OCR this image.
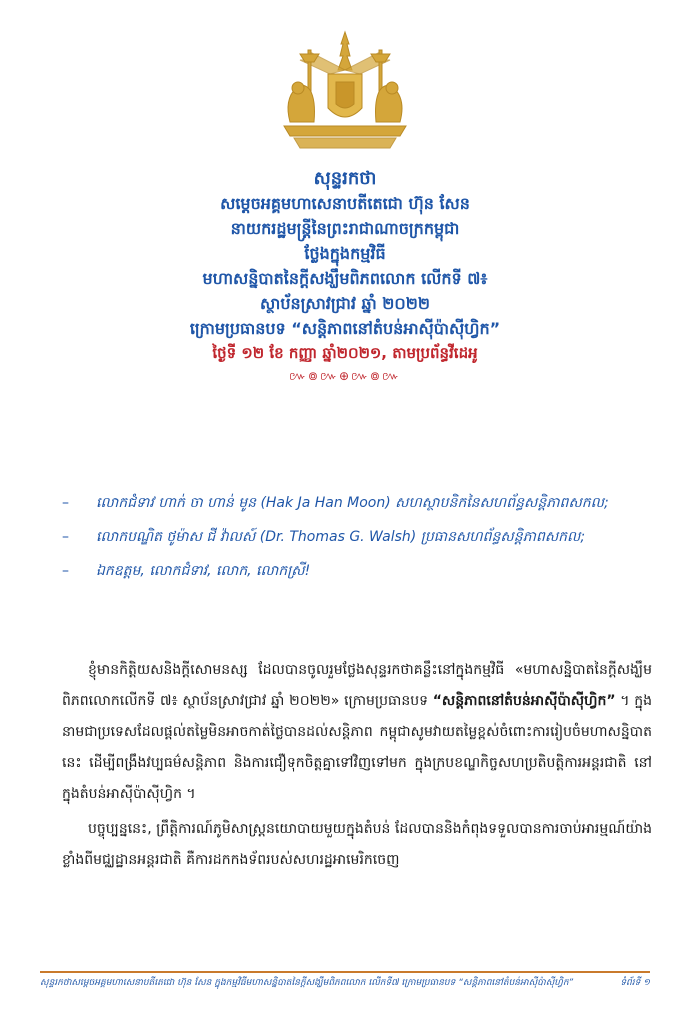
សុន្ទរកថា
សម្តេចអគ្គមហាសេនាបតីតេជោ ហ៊ុន សែន
នាយករដ្ឋមន្ត្រីនៃព្រះរាជាណាចក្រកម្ពុជា
ថ្លែងក្នុងកម្មវិធី
មហាសន្និបាតនៃក្តីសង្ឃឹមពិភពលោក លើកទី ៧៖
ស្ថាប័នស្រាវជ្រាវ ឆ្នាំ ២០២២
ក្រោមប្រធានបទ “សន្តិភាពនៅតំបន់អាស៊ីប៉ាស៊ីហ្វិក”
ថ្ងៃទី ១២ ខែ កញ្ញា ឆ្នាំ២០២១, តាមប្រព័ន្ធវីដេអូ
៚៙៚⊕៚៙៚
– លោកជំទាវ ហាក់ ចា ហាន់ មូន (Hak Ja Han Moon) សហស្ថាបនិកនៃសហព័ន្ធសន្តិភាពសកល;
– លោកបណ្ឌិត ថូម៉ាស ជី វ៉ាលស៍ (Dr. Thomas G. Walsh) ប្រធានសហព័ន្ធសន្តិភាពសកល;
– ឯកឧត្តម, លោកជំទាវ, លោក, លោកស្រី!

ខ្ញុំមានកិត្តិយសនិងក្តីសោមនស្ស ដែលបានចូលរួមថ្លែងសុន្ទរកថាគន្លឹះនៅក្នុងកម្មវិធី «មហាសន្និបាតនៃក្តីសង្ឃឹមពិភពលោកលើកទី ៧៖ ស្ថាប័នស្រាវជ្រាវ ឆ្នាំ ២០២២» ក្រោមប្រធានបទ “សន្តិភាពនៅតំបន់អាស៊ីប៉ាស៊ីហ្វិក” ។ ក្នុងនាមជាប្រទេសដែលផ្តល់តម្លៃមិនអាចកាត់ថ្លៃបានដល់សន្តិភាព កម្ពុជាសូមវាយតម្លៃខ្ពស់ចំពោះការរៀបចំមហាសន្និបាតនេះ ដើម្បីពង្រឹងវប្បធម៌សន្តិភាព និងការជឿទុកចិត្តគ្នាទៅវិញទៅមក ក្នុងក្របខណ្ឌកិច្ចសហប្រតិបត្តិការអន្តរជាតិ នៅក្នុងតំបន់អាស៊ីប៉ាស៊ីហ្វិក ។

បច្ចុប្បន្ននេះ, ព្រឹត្តិការណ៍ភូមិសាស្ត្រនយោបាយមួយក្នុងតំបន់ ដែលបាននិងកំពុងទទួលបានការចាប់អារម្មណ៍យ៉ាងខ្លាំងពីមជ្ឈដ្ឋានអន្តរជាតិ គឺការដកកងទ័ពរបស់សហរដ្ឋអាមេរិកចេញ

សុន្ទរកថាសម្តេចអគ្គមហាសេនាបតីតេជោ ហ៊ុន សែន ក្នុងកម្មវិធីមហាសន្និបាតនៃក្តីសង្ឃឹមពិភពលោក លើកទី៧ ក្រោមប្រធានបទ “សន្តិភាពនៅតំបន់អាស៊ីប៉ាស៊ីហ្វិក”	ទំព័រទី ១
